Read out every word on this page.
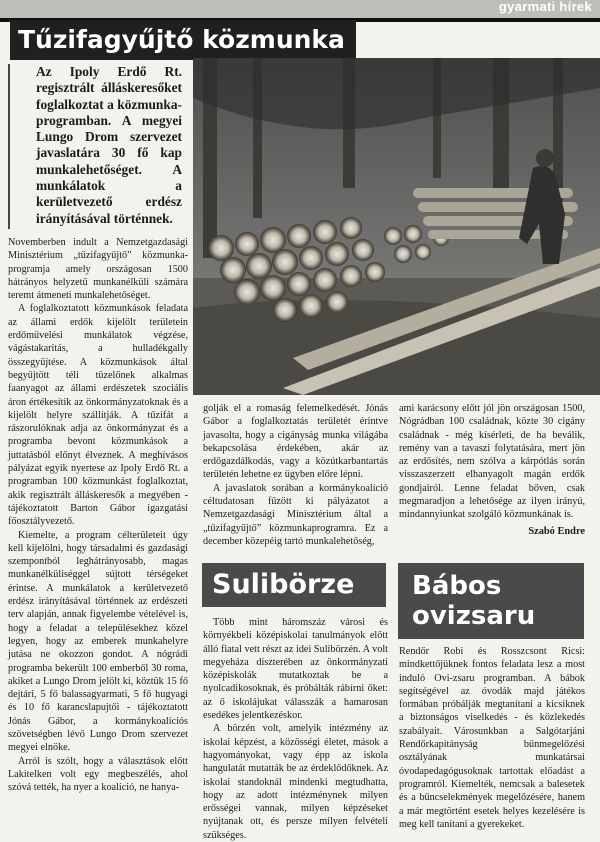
gyarmati hírek
Tűzifagyűjtő közmunka

Az Ipoly Erdő Rt. regisztrált álláskeresőket foglalkoztat a közmunka-programban. A megyei Lungo Drom szervezet javaslatára 30 fő kap munkalehetőséget. A munkálatok a kerületvezető erdész irányításával történnek.

Novemberben indult a Nemzetgazdasági Minisztérium „tűzifagyűjtő” közmunka-programja amely országosan 1500 hátrányos helyzetű munkanélküli számára teremt átmeneti munkalehetőséget.

A foglalkoztatott közmunkások feladata az állami erdők kijelölt területein erdőművelési munkálatok végzése, vágástakarítás, a hulladékgally összegyűjtése. A közmunkások által begyűjtött téli tüzelőnek alkalmas faanyagot az állami erdészetek szociális áron értékesítik az önkormányzatoknak és a kijelölt helyre szállítják. A tűzifát a rászorulóknak adja az önkormányzat és a programba bevont közmunkások a juttatásból előnyt élveznek. A meghívásos pályázat egyik nyertese az Ipoly Erdő Rt. a programban 100 közmunkást foglalkoztat, akik regisztrált álláskeresők a megyében - tájékoztatott Barton Gábor igazgatási főosztályvezető.

Kiemelte, a program célterületeit úgy kell kijelölni, hogy társadalmi és gazdasági szempontból leghátrányosabb, magas munkanélküliséggel sújtott térségeket érintse. A munkálatok a kerületvezető erdész irányításával történnek az erdészeti terv alapján, annak figyelembe vételével is, hogy a feladat a településekhez közel legyen, hogy az emberek munkahelyre jutása ne okozzon gondot. A nógrádi programba bekerült 100 emberből 30 roma, akiket a Lungo Drom jelölt ki, köztük 15 fő dejtári, 5 fő balassagyarmati, 5 fő hugyagi és 10 fő karancslapujtői - tájékoztatott Jónás Gábor, a kormánykoalíciós szövetségben lévő Lungo Drom szervezet megyei elnöke.

Arról is szólt, hogy a választások előtt Lakitelken volt egy megbeszélés, ahol szóvá tették, ha nyer a koalíció, ne hanya-

golják el a romaság felemelkedését. Jónás Gábor a foglalkoztatás területét érintve javasolta, hogy a cigányság munka világába bekapcsolása érdekében, akár az erdőgazdálkodás, vagy a közútkarbantartás területén lehetne ez ügyben előre lépni.

A javaslatok sorában a kormánykoalíció céltudatosan fűzött ki pályázatot a Nemzetgazdasági Minisztérium által a „tűzifagyűjtő” közmunkaprogramra. Ez a december közepéig tartó munkalehetőség,

ami karácsony előtt jól jön országosan 1500, Nógrádban 100 családnak, közte 30 cigány családnak - még kísérleti, de ha beválik, remény van a tavaszi folytatására, mert jön az erdősítés, nem szólva a kárpótlás során visszaszerzett elhanyagolt magán erdők gondjairól. Lenne feladat bőven, csak megmaradjon a lehetősége az ilyen irányú, mindannyiunkat szolgáló közmunkának is.

Szabó Endre
Sulibörze

Több mint háromszáz városi és környékbeli középiskolai tanulmányok előtt álló fiatal vett részt az idei Sulibörzén. A volt megyeháza díszterében az önkormányzati középiskolák mutatkoztak be a nyolcadikosoknak, és próbálták rábírni őket: az ő iskolájukat válasszák a hamarosan esedékes jelentkezéskor.

A börzén volt, amelyik intézmény az iskolai képzést, a közösségi életet, mások a hagyományokat, vagy épp az iskola hangulatát mutatták be az érdeklődőknek. Az iskolai standoknál mindenki megtudhatta, hogy az adott intézménynek milyen erősségei vannak, milyen képzéseket nyújtanak ott, és persze milyen felvételi szükséges.

Bábos
ovizsaru

Rendőr Robi és Rosszcsont Ricsi: mindkettőjüknek fontos feladata lesz a most induló Ovi-zsaru programban. A bábok segítségével az óvodák majd játékos formában próbálják megtanítani a kicsiknek a biztonságos viselkedés - és közlekedés szabályait. Városunkban a Salgótarjáni Rendőrkapitányság bűnmegelőzési osztályának munkatársai óvodapedagógusoknak tartottak előadást a programról. Kiemelték, nemcsak a balesetek és a bűncselekmények megelőzésére, hanem a már megtörtént esetek helyes kezelésére is meg kell tanítani a gyerekeket.
